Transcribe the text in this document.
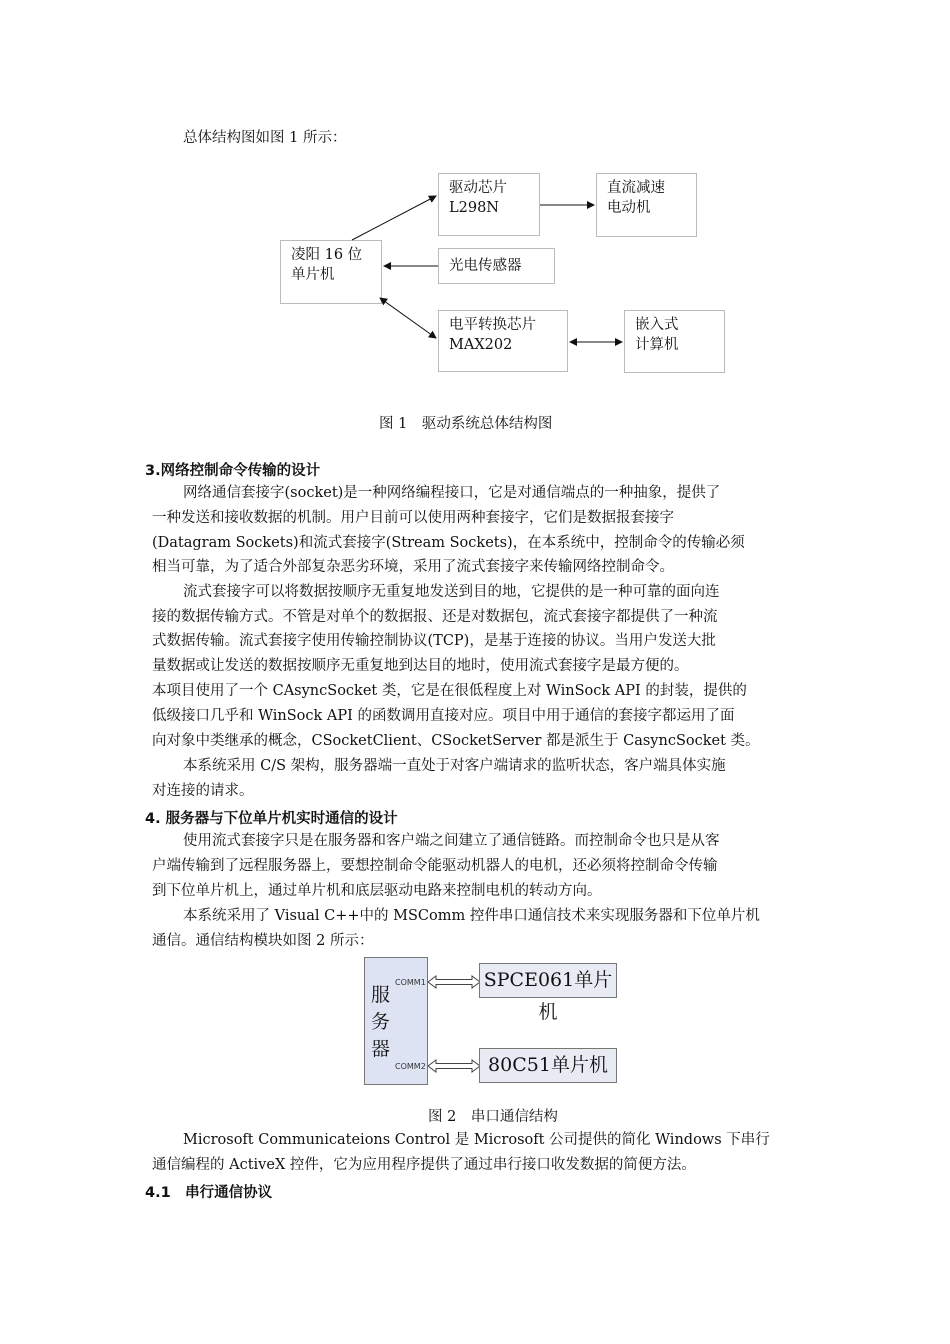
总体结构图如图 1 所示：
凌阳 16 位
单片机
驱动芯片
L298N
直流减速
电动机
光电传感器
电平转换芯片
MAX202
嵌入式
计算机
图 1　驱动系统总体结构图
3.网络控制命令传输的设计
网络通信套接字(socket)是一种网络编程接口，它是对通信端点的一种抽象，提供了
一种发送和接收数据的机制。用户目前可以使用两种套接字，它们是数据报套接字
(Datagram Sockets)和流式套接字(Stream Sockets)，在本系统中，控制命令的传输必须
相当可靠，为了适合外部复杂恶劣环境，采用了流式套接字来传输网络控制命令。
流式套接字可以将数据按顺序无重复地发送到目的地，它提供的是一种可靠的面向连
接的数据传输方式。不管是对单个的数据报、还是对数据包，流式套接字都提供了一种流
式数据传输。流式套接字使用传输控制协议(TCP)，是基于连接的协议。当用户发送大批
量数据或让发送的数据按顺序无重复地到达目的地时，使用流式套接字是最方便的。
本项目使用了一个 CAsyncSocket 类，它是在很低程度上对 WinSock API 的封装，提供的
低级接口几乎和 WinSock API 的函数调用直接对应。项目中用于通信的套接字都运用了面
向对象中类继承的概念，CSocketClient、CSocketServer 都是派生于 CasyncSocket 类。
本系统采用 C/S 架构，服务器端一直处于对客户端请求的监听状态，客户端具体实施
对连接的请求。
4. 服务器与下位单片机实时通信的设计
使用流式套接字只是在服务器和客户端之间建立了通信链路。而控制命令也只是从客
户端传输到了远程服务器上，要想控制命令能驱动机器人的电机，还必须将控制命令传输
到下位单片机上，通过单片机和底层驱动电路来控制电机的转动方向。
本系统采用了 Visual C++中的 MSComm 控件串口通信技术来实现服务器和下位单片机
通信。通信结构模块如图 2 所示：
服
务
器
COMM1
COMM2
SPCE061单片机
80C51单片机
图 2　串口通信结构
Microsoft Communicateions Control 是 Microsoft 公司提供的简化 Windows 下串行
通信编程的 ActiveX 控件，它为应用程序提供了通过串行接口收发数据的简便方法。
4.1　串行通信协议
